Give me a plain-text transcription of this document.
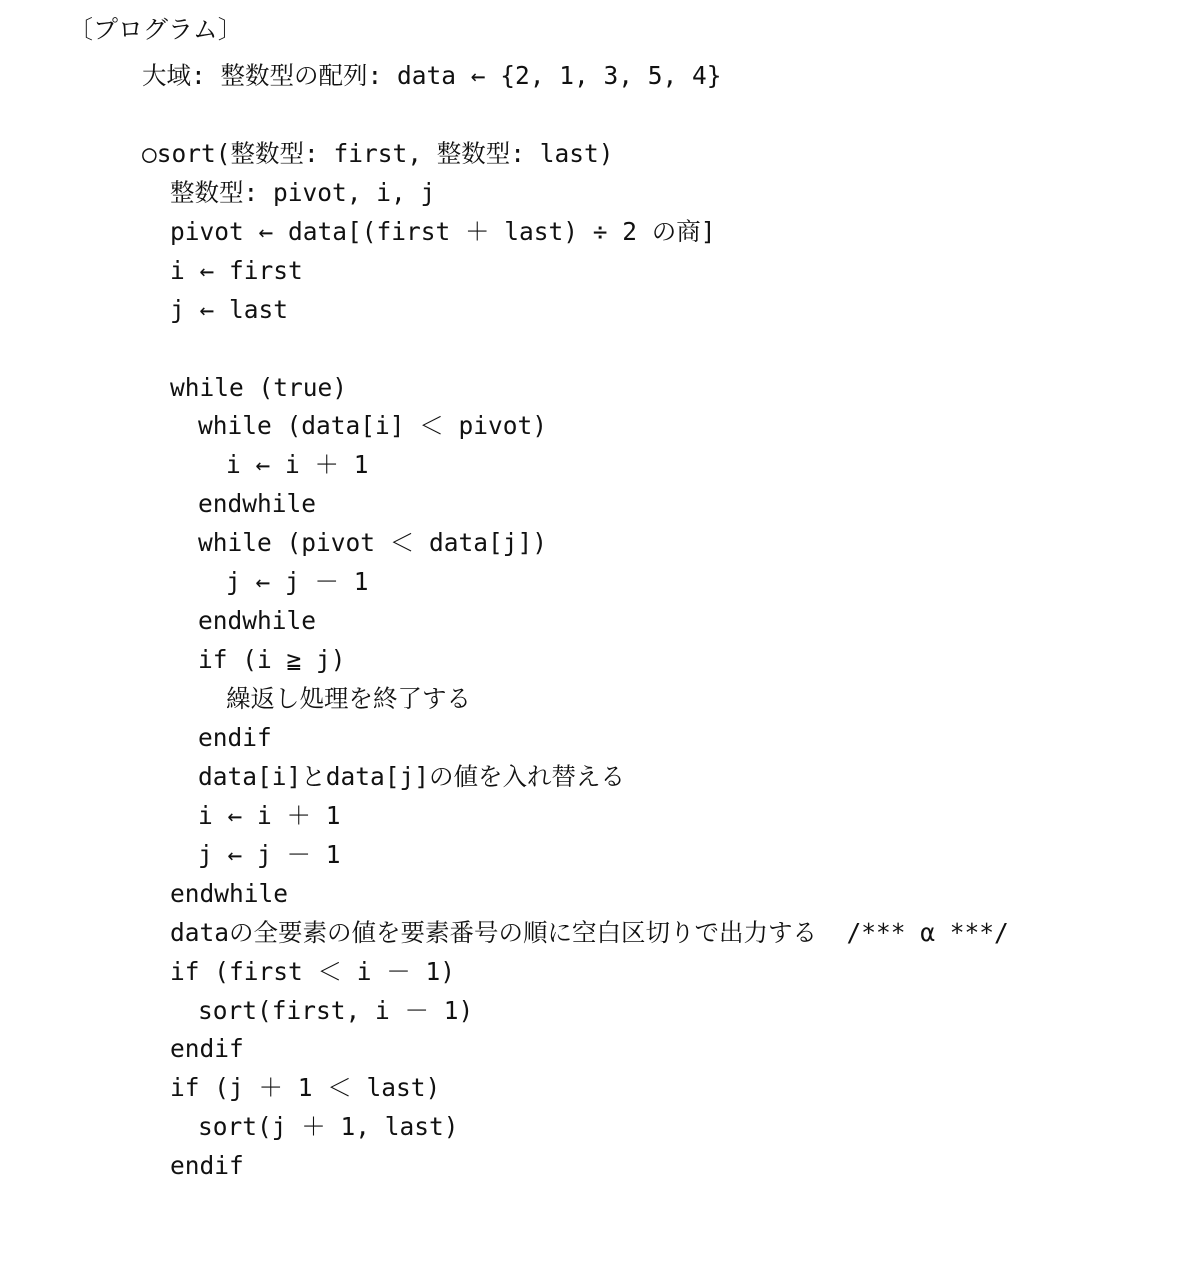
〔プログラム〕
大域: 整数型の配列: data ← {2, 1, 3, 5, 4}
○sort(整数型: first, 整数型: last)
整数型: pivot, i, j
pivot ← data[(first ＋ last) ÷ 2 の商]
i ← first
j ← last
while (true)
while (data[i] ＜ pivot)
i ← i ＋ 1
endwhile
while (pivot ＜ data[j])
j ← j － 1
endwhile
if (i ≧ j)
繰返し処理を終了する
endif
data[i]とdata[j]の値を入れ替える
i ← i ＋ 1
j ← j － 1
endwhile
dataの全要素の値を要素番号の順に空白区切りで出力する  /*** α ***/
if (first ＜ i － 1)
sort(first, i － 1)
endif
if (j ＋ 1 ＜ last)
sort(j ＋ 1, last)
endif
